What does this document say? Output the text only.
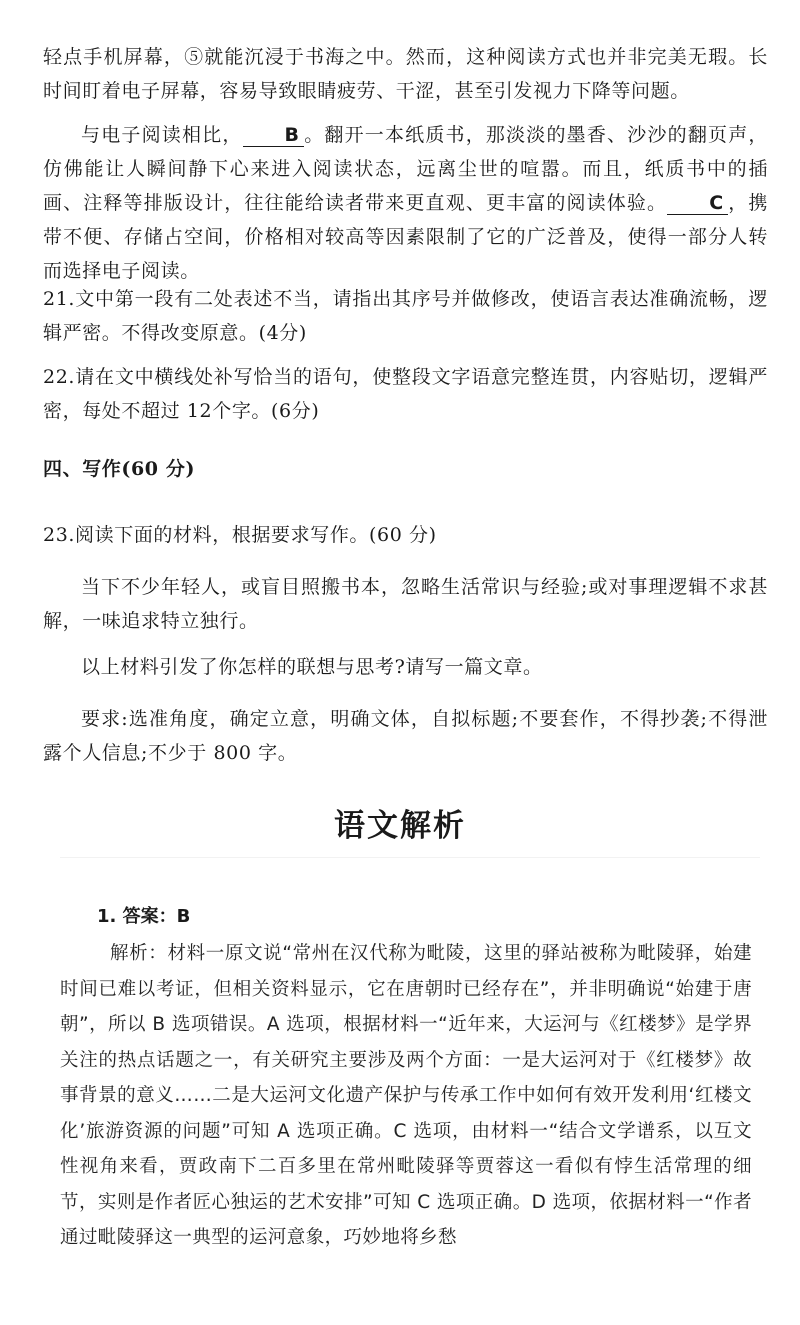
轻点手机屏幕，⑤就能沉浸于书海之中。然而，这种阅读方式也并非完美无瑕。长时间盯着电子屏幕，容易导致眼睛疲劳、干涩，甚至引发视力下降等问题。

与电子阅读相比， B 。翻开一本纸质书，那淡淡的墨香、沙沙的翻页声，仿佛能让人瞬间静下心来进入阅读状态，远离尘世的喧嚣。而且，纸质书中的插画、注释等排版设计，往往能给读者带来更直观、更丰富的阅读体验。 C ，携带不便、存储占空间，价格相对较高等因素限制了它的广泛普及，使得一部分人转而选择电子阅读。

21.文中第一段有二处表述不当，请指出其序号并做修改，使语言表达准确流畅，逻辑严密。不得改变原意。(4分)

22.请在文中横线处补写恰当的语句，使整段文字语意完整连贯，内容贴切，逻辑严密，每处不超过 12个字。(6分)

四、写作(60 分)

23.阅读下面的材料，根据要求写作。(60 分)

当下不少年轻人，或盲目照搬书本，忽略生活常识与经验;或对事理逻辑不求甚解，一味追求特立独行。

以上材料引发了你怎样的联想与思考?请写一篇文章。

要求:选准角度，确定立意，明确文体，自拟标题;不要套作，不得抄袭;不得泄露个人信息;不少于 800 字。

语文解析
1. 答案：B

解析：材料一原文说“常州在汉代称为毗陵，这里的驿站被称为毗陵驿，始建时间已难以考证，但相关资料显示，它在唐朝时已经存在”，并非明确说“始建于唐朝”，所以 B 选项错误。A 选项，根据材料一“近年来，大运河与《红楼梦》是学界关注的热点话题之一，有关研究主要涉及两个方面：一是大运河对于《红楼梦》故事背景的意义……二是大运河文化遗产保护与传承工作中如何有效开发利用‘红楼文化’旅游资源的问题”可知 A 选项正确。C 选项，由材料一“结合文学谱系，以互文性视角来看，贾政南下二百多里在常州毗陵驿等贾蓉这一看似有悖生活常理的细节，实则是作者匠心独运的艺术安排”可知 C 选项正确。D 选项，依据材料一“作者通过毗陵驿这一典型的运河意象，巧妙地将乡愁
